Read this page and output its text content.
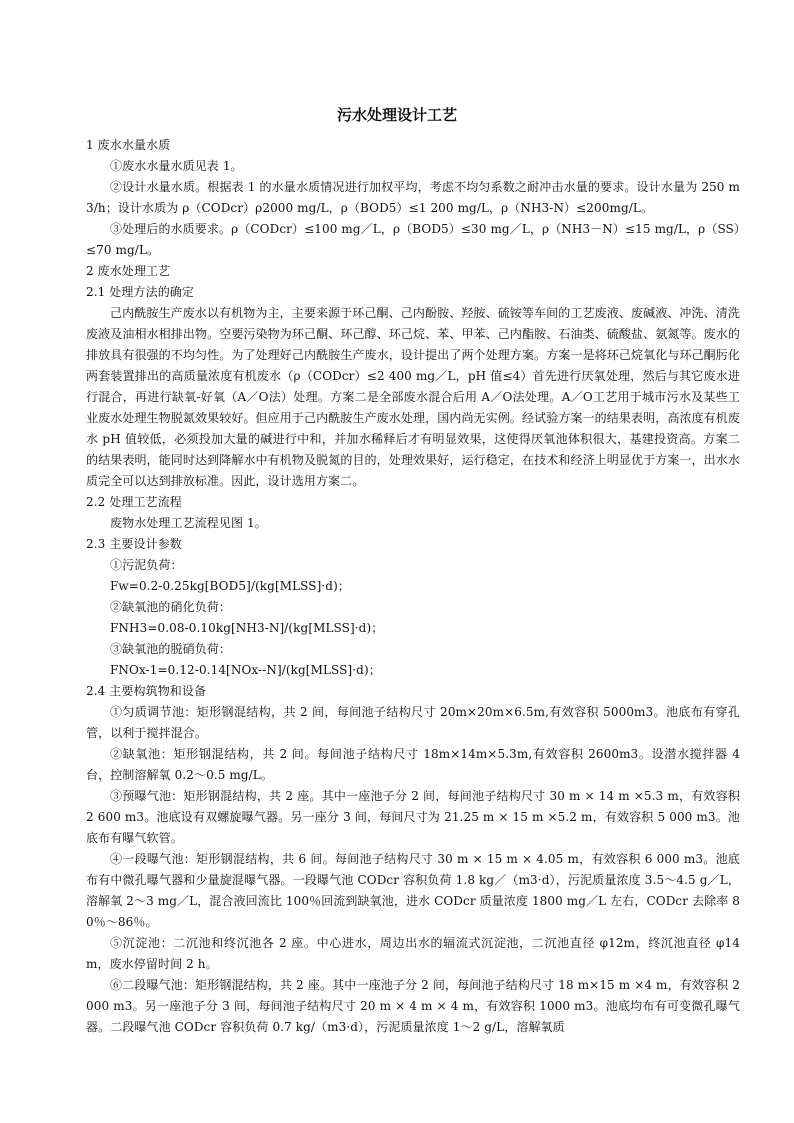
污水处理设计工艺

1 废水水量水质

①废水水量水质见表 1。

②设计水量水质。根据表 1 的水量水质情况进行加权平均，考虑不均匀系数之耐冲击水量的要求。设计水量为 250 m3/h；设计水质为 ρ（CODcr）ρ2000 mg/L，ρ（BOD5）≤1 200 mg/L，ρ（NH3-N）≤200mg/L。

③处理后的水质要求。ρ（CODcr）≤100 mg／L，ρ（BOD5）≤30 mg／L，ρ（NH3－N）≤15 mg/L，ρ（SS）≤70 mg/L。

2 废水处理工艺

2.1 处理方法的确定

己内酰胺生产废水以有机物为主，主要来源于环己酮、己内酚胺、羟胺、硫铵等车间的工艺废液、废碱液、冲洗、清洗废液及油相水相排出物。空要污染物为环己酮、环己醇、环己烷、苯、甲苯、己内酯胺、石油类、硫酸盐、氨氮等。废水的排放具有很强的不均匀性。为了处理好己内酰胺生产废水，设计提出了两个处理方案。方案一是将环己烷氧化与环己酮肟化两套装置排出的高质量浓度有机废水（ρ（CODcr）≤2 400 mg／L，pH 值≤4）首先进行厌氧处理，然后与其它废水进行混合，再进行缺氧-好氧（A／O法）处理。方案二是全部废水混合后用 A／O法处理。A／O工艺用于城市污水及某些工业废水处理生物脱氮效果较好。但应用于己内酰胺生产废水处理，国内尚无实例。经试验方案一的结果表明，高浓度有机废水 pH 值较低，必须投加大量的碱进行中和，并加水稀释后才有明显效果，这使得厌氧池体积很大，基建投资高。方案二的结果表明，能同时达到降解水中有机物及脱氮的目的，处理效果好，运行稳定，在技术和经济上明显优于方案一，出水水质完全可以达到排放标准。因此，设计选用方案二。

2.2 处理工艺流程

废物水处理工艺流程见图 1。

2.3 主要设计参数

①污泥负荷：

Fw=0.2-0.25kg[BOD5]/(kg[MLSS]·d)；

②缺氧池的硝化负荷：

FNH3=0.08-0.10kg[NH3-N]/(kg[MLSS]·d)；

③缺氧池的脱硝负荷：

FNOx-1=0.12-0.14[NOx--N]/(kg[MLSS]·d)；

2.4 主要构筑物和设备

①匀质调节池：矩形钢混结构，共 2 间，每间池子结构尺寸 20m×20m×6.5m,有效容积 5000m3。池底布有穿孔管，以利于搅拌混合。

②缺氧池：矩形钢混结构，共 2 间。每间池子结构尺寸 18m×14m×5.3m,有效容积 2600m3。设潜水搅拌器 4 台，控制溶解氧 0.2～0.5 mg/L。

③预曝气池：矩形钢混结构，共 2 座。其中一座池子分 2 间，每间池子结构尺寸 30 m × 14 m ×5.3 m，有效容积 2 600 m3。池底设有双螺旋曝气器。另一座分 3 间，每间尺寸为 21.25 m × 15 m ×5.2 m，有效容积 5 000 m3。池底布有曝气软管。

④一段曝气池：矩形钢混结构，共 6 间。每间池子结构尺寸 30 m × 15 m × 4.05 m，有效容积 6 000 m3。池底布有中微孔曝气器和少量旋混曝气器。一段曝气池 CODcr 容积负荷 1.8 kg／（m3·d），污泥质量浓度 3.5～4.5 g／L，溶解氧 2～3 mg／L，混合液回流比 100％回流到缺氧池，进水 CODcr 质量浓度 1800 mg／L 左右，CODcr 去除率 80％～86％。

⑤沉淀池：二沉池和终沉池各 2 座。中心进水，周边出水的辐流式沉淀池，二沉池直径 φ12m，终沉池直径 φ14 m，废水停留时间 2 h。

⑥二段曝气池：矩形钢混结构，共 2 座。其中一座池子分 2 间，每间池子结构尺寸 18 m×15 m ×4 m，有效容积 2 000 m3。另一座池子分 3 间，每间池子结构尺寸 20 m × 4 m × 4 m，有效容积 1000 m3。池底均布有可变微孔曝气器。二段曝气池 CODcr 容积负荷 0.7 kg/（m3·d），污泥质量浓度 1～2 g/L，溶解氧质
